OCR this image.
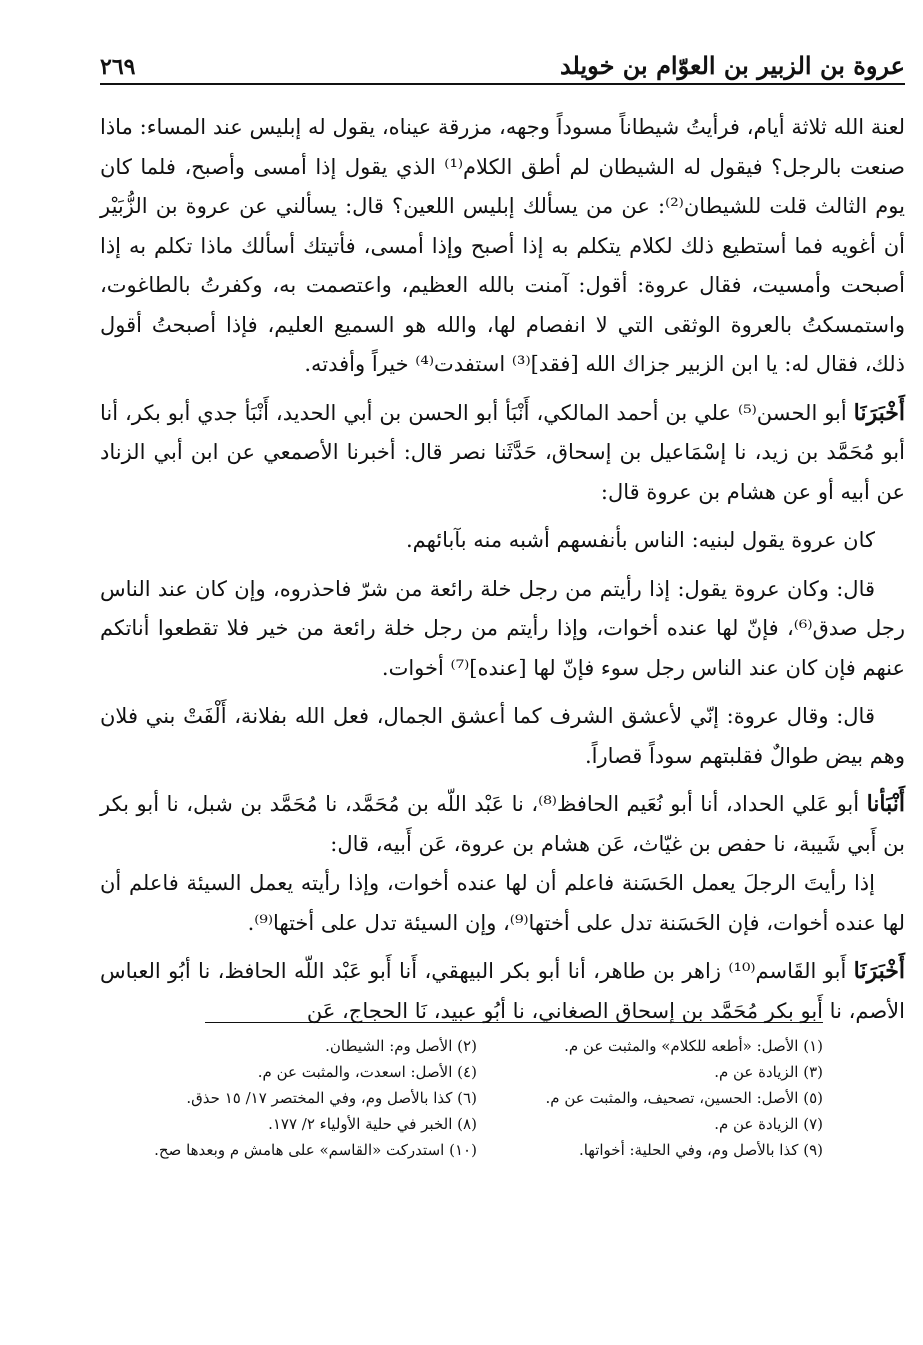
عروة بن الزبير بن العوّام بن خويلد
٢٦٩

لعنة الله ثلاثة أيام، فرأيتُ شيطاناً مسوداً وجهه، مزرقة عيناه، يقول له إبليس عند المساء: ماذا صنعت بالرجل؟ فيقول له الشيطان لم أطق الكلام⁽¹⁾ الذي يقول إذا أمسى وأصبح، فلما كان يوم الثالث قلت للشيطان⁽²⁾: عن من يسألك إبليس اللعين؟ قال: يسألني عن عروة بن الزُّبَيْر أن أغويه فما أستطيع ذلك لكلام يتكلم به إذا أصبح وإذا أمسى، فأتيتك أسألك ماذا تكلم به إذا أصبحت وأمسيت، فقال عروة: أقول: آمنت بالله العظيم، واعتصمت به، وكفرتُ بالطاغوت، واستمسكتُ بالعروة الوثقى التي لا انفصام لها، والله هو السميع العليم، فإذا أصبحتُ أقول ذلك، فقال له: يا ابن الزبير جزاك الله [فقد]⁽³⁾ استفدت⁽⁴⁾ خيراً وأفدته.

أَخْبَرَنَا أبو الحسن⁽⁵⁾ علي بن أحمد المالكي، أَنْبَأ أبو الحسن بن أبي الحديد، أَنْبَأ جدي أبو بكر، أنا أبو مُحَمَّد بن زيد، نا إسْمَاعيل بن إسحاق، حَدَّثَنا نصر قال: أخبرنا الأصمعي عن ابن أبي الزناد عن أبيه أو عن هشام بن عروة قال:

كان عروة يقول لبنيه: الناس بأنفسهم أشبه منه بآبائهم.

قال: وكان عروة يقول: إذا رأيتم من رجل خلة رائعة من شرّ فاحذروه، وإن كان عند الناس رجل صدق⁽⁶⁾، فإنّ لها عنده أخوات، وإذا رأيتم من رجل خلة رائعة من خير فلا تقطعوا أناتكم عنهم فإن كان عند الناس رجل سوء فإنّ لها [عنده]⁽⁷⁾ أخوات.

قال: وقال عروة: إنّي لأعشق الشرف كما أعشق الجمال، فعل الله بفلانة، أَلْفَتْ بني فلان وهم بيض طوالٌ فقلبتهم سوداً قصاراً.

أَنْبَأنا أبو عَلي الحداد، أنا أبو نُعَيم الحافظ⁽⁸⁾، نا عَبْد اللّه بن مُحَمَّد، نا مُحَمَّد بن شبل، نا أبو بكر بن أَبي شَيبة، نا حفص بن غيّاث، عَن هشام بن عروة، عَن أَبيه، قال:

إذا رأيتَ الرجلَ يعمل الحَسَنة فاعلم أن لها عنده أخوات، وإذا رأيته يعمل السيئة فاعلم أن لها عنده أخوات، فإن الحَسَنة تدل على أختها⁽⁹⁾، وإن السيئة تدل على أختها⁽⁹⁾.

أَخْبَرَنَا أَبو القَاسم⁽¹⁰⁾ زاهر بن طاهر، أنا أبو بكر البيهقي، أَنا أَبو عَبْد اللّه الحافظ، نا أبُو العباس الأصم، نا أَبو بكر مُحَمَّد بن إسحاق الصغاني، نا أبُو عبيد، نَا الحجاج، عَن

(١) الأصل: «أطعه للكلام» والمثبت عن م.
(٢) الأصل وم: الشيطان.
(٣) الزيادة عن م.
(٤) الأصل: اسعدت، والمثبت عن م.
(٥) الأصل: الحسين، تصحيف، والمثبت عن م.
(٦) كذا بالأصل وم، وفي المختصر ١٧/ ١٥ حذق.
(٧) الزيادة عن م.
(٨) الخبر في حلية الأولياء ٢/ ١٧٧.
(٩) كذا بالأصل وم، وفي الحلية: أخواتها.
(١٠) استدركت «القاسم» على هامش م وبعدها صح.
